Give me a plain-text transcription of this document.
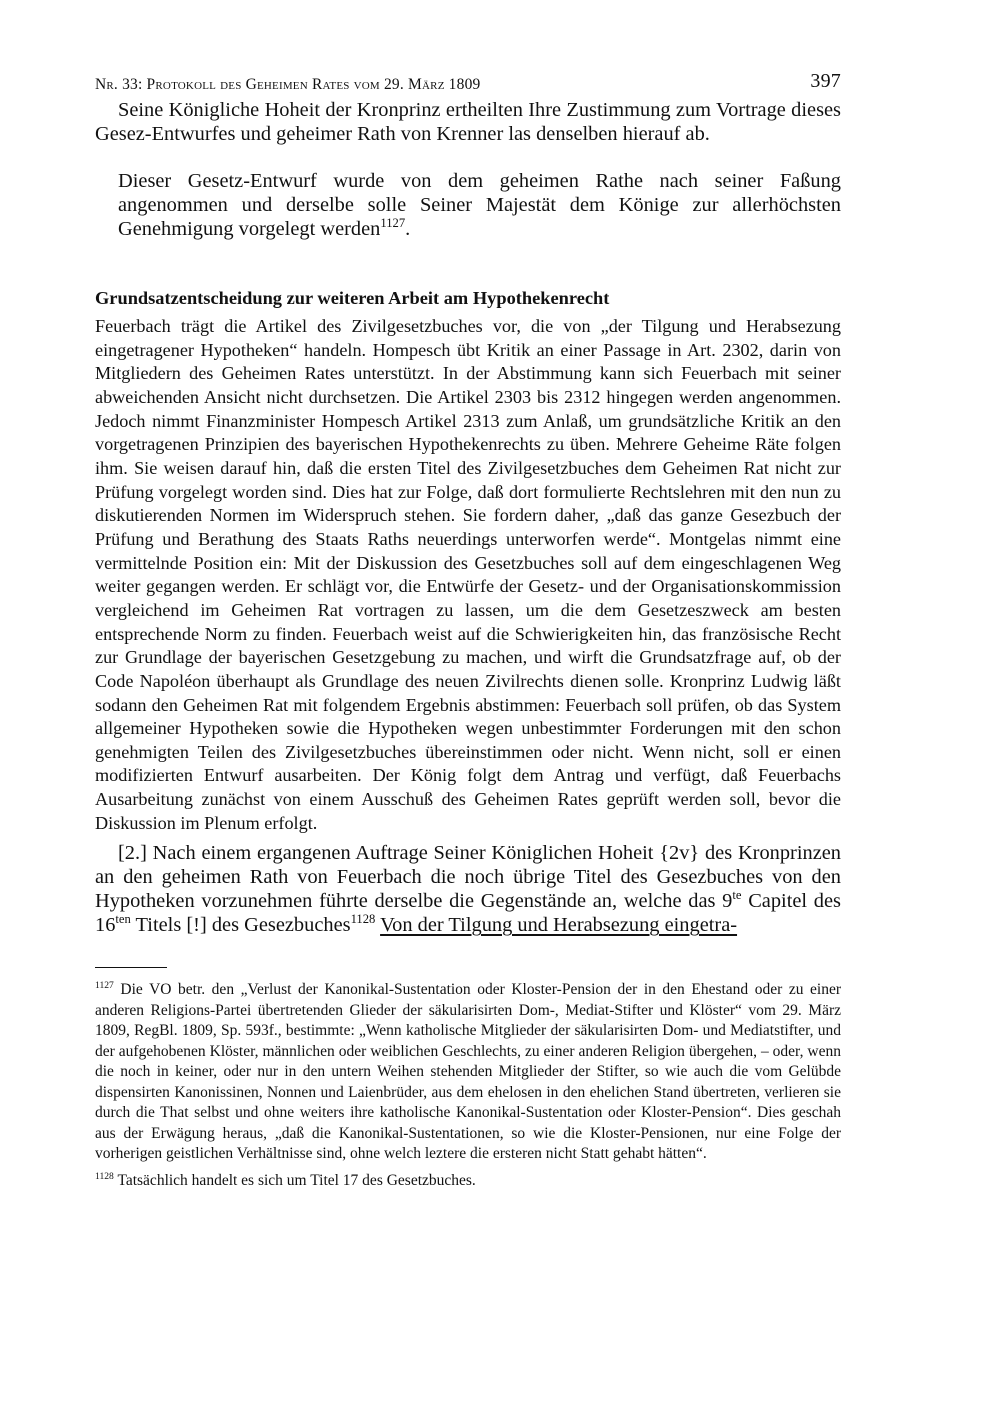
Nr. 33: Protokoll des Geheimen Rates vom 29. März 1809	397

Seine Königliche Hoheit der Kronprinz ertheilten Ihre Zustimmung zum Vortrage dieses Gesez-Entwurfes und geheimer Rath von Krenner las denselben hierauf ab.

Dieser Gesetz-Entwurf wurde von dem geheimen Rathe nach seiner Faßung angenommen und derselbe solle Seiner Majestät dem Könige zur allerhöchsten Genehmigung vorgelegt werden$^{1127}$.

Grundsatzentscheidung zur weiteren Arbeit am Hypothekenrecht

Feuerbach trägt die Artikel des Zivilgesetzbuches vor, die von „der Tilgung und Herabsezung eingetragener Hypotheken“ handeln. Hompesch übt Kritik an einer Passage in Art. 2302, darin von Mitgliedern des Geheimen Rates unterstützt. In der Abstimmung kann sich Feuerbach mit seiner abweichenden Ansicht nicht durchsetzen. Die Artikel 2303 bis 2312 hingegen werden angenommen. Jedoch nimmt Finanzminister Hompesch Artikel 2313 zum Anlaß, um grundsätzliche Kritik an den vorgetragenen Prinzipien des bayerischen Hypothekenrechts zu üben. Mehrere Geheime Räte folgen ihm. Sie weisen darauf hin, daß die ersten Titel des Zivilgesetzbuches dem Geheimen Rat nicht zur Prüfung vorgelegt worden sind. Dies hat zur Folge, daß dort formulierte Rechtslehren mit den nun zu diskutierenden Normen im Widerspruch stehen. Sie fordern daher, „daß das ganze Gesezbuch der Prüfung und Berathung des Staats Raths neuerdings unterworfen werde“. Montgelas nimmt eine vermittelnde Position ein: Mit der Diskussion des Gesetzbuches soll auf dem eingeschlagenen Weg weiter gegangen werden. Er schlägt vor, die Entwürfe der Gesetz- und der Organisationskommission vergleichend im Geheimen Rat vortragen zu lassen, um die dem Gesetzeszweck am besten entsprechende Norm zu finden. Feuerbach weist auf die Schwierigkeiten hin, das französische Recht zur Grundlage der bayerischen Gesetzgebung zu machen, und wirft die Grundsatzfrage auf, ob der Code Napoléon überhaupt als Grundlage des neuen Zivilrechts dienen solle. Kronprinz Ludwig läßt sodann den Geheimen Rat mit folgendem Ergebnis abstimmen: Feuerbach soll prüfen, ob das System allgemeiner Hypotheken sowie die Hypotheken wegen unbestimmter Forderungen mit den schon genehmigten Teilen des Zivilgesetzbuches übereinstimmen oder nicht. Wenn nicht, soll er einen modifizierten Entwurf ausarbeiten. Der König folgt dem Antrag und verfügt, daß Feuerbachs Ausarbeitung zunächst von einem Ausschuß des Geheimen Rates geprüft werden soll, bevor die Diskussion im Plenum erfolgt.

[2.] Nach einem ergangenen Auftrage Seiner Königlichen Hoheit {2v} des Kronprinzen an den geheimen Rath von Feuerbach die noch übrige Titel des Gesezbuches von den Hypotheken vorzunehmen führte derselbe die Gegenstände an, welche das $9^{te}$ Capitel des $16^{ten}$ Titels [!] des Gesezbuches$^{1128}$ Von der Tilgung und Herabsezung eingetra-

$^{1127}$ Die VO betr. den „Verlust der Kanonikal-Sustentation oder Kloster-Pension der in den Ehestand oder zu einer anderen Religions-Partei übertretenden Glieder der säkularisirten Dom-, Mediat-Stifter und Klöster“ vom 29. März 1809, RegBl. 1809, Sp. 593f., bestimmte: „Wenn katholische Mitglieder der säkularisirten Dom- und Mediatstifter, und der aufgehobenen Klöster, männlichen oder weiblichen Geschlechts, zu einer anderen Religion übergehen, – oder, wenn die noch in keiner, oder nur in den untern Weihen stehenden Mitglieder der Stifter, so wie auch die vom Gelübde dispensirten Kanonissinen, Nonnen und Laienbrüder, aus dem ehelosen in den ehelichen Stand übertreten, verlieren sie durch die That selbst und ohne weiters ihre katholische Kanonikal-Sustentation oder Kloster-Pension“. Dies geschah aus der Erwägung heraus, „daß die Kanonikal-Sustentationen, so wie die Kloster-Pensionen, nur eine Folge der vorherigen geistlichen Verhältnisse sind, ohne welch leztere die ersteren nicht Statt gehabt hätten“.

$^{1128}$ Tatsächlich handelt es sich um Titel 17 des Gesetzbuches.
